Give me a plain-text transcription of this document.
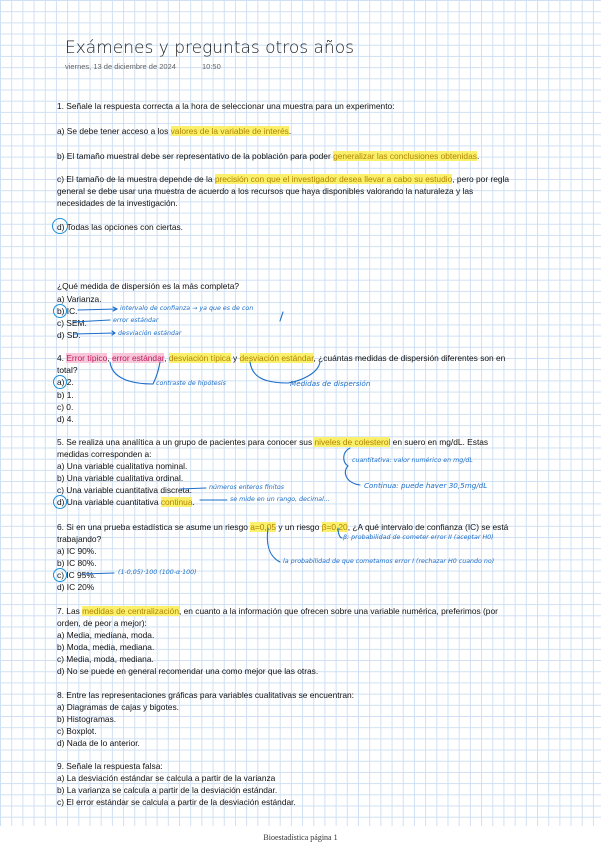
Exámenes y preguntas otros años
viernes, 13 de diciembre de 2024	10:50
1. Señale la respuesta correcta a la hora de seleccionar una muestra para un experimento:
a) Se debe tener acceso a los valores de la variable de interés.
b) El tamaño muestral debe ser representativo de la población para poder generalizar las conclusiones obtenidas.
c) El tamaño de la muestra depende de la precisión con que el investigador desea llevar a cabo su estudio, pero por regla
general se debe usar una muestra de acuerdo a los recursos que haya disponibles valorando la naturaleza y las
necesidades de la investigación.
d) Todas las opciones con ciertas.
¿Qué medida de dispersión es la más completa?
a) Varianza.
b) IC.
c) SEM.
d) SD.
intervalo de confianza → ya que es de con
error estándar
desviación estándar
4. Error típico, error estándar, desviación típica y desviación estándar, ¿cuántas medidas de dispersión diferentes son en
total?
a) 2.
b) 1.
c) 0.
d) 4.
contraste de hipótesis	Medidas de dispersión
5. Se realiza una analítica a un grupo de pacientes para conocer sus niveles de colesterol en suero en mg/dL. Estas
medidas corresponden a:
a) Una variable cualitativa nominal.
b) Una variable cualitativa ordinal.
c) Una variable cuantitativa discreta.
d) Una variable cuantitativa continua.
cuantitativa: valor numérico en mg/dL
Continua: puede haver 30,5mg/dL
números enteros finitos
se mide en un rango, decimal...
6. Si en una prueba estadística se asume un riesgo a=0,05 y un riesgo β=0,20, ¿A qué intervalo de confianza (IC) se está
trabajando?
a) IC 90%.
b) IC 80%.
c) IC 95%.
d) IC 20%
β: probabilidad de cometer error II (aceptar H0)
la probabilidad de que cometamos error I (rechazar H0 cuando no)
(1-0,05)·100 (100-α·100)
7. Las medidas de centralización, en cuanto a la información que ofrecen sobre una variable numérica, preferimos (por
orden, de peor a mejor):
a) Media, mediana, moda.
b) Moda, media, mediana.
c) Media, moda, mediana.
d) No se puede en general recomendar una como mejor que las otras.
8. Entre las representaciones gráficas para variables cualitativas se encuentran:
a) Diagramas de cajas y bigotes.
b) Histogramas.
c) Boxplot.
d) Nada de lo anterior.
9. Señale la respuesta falsa:
a) La desviación estándar se calcula a partir de la varianza
b) La varianza se calcula a partir de la desviación estándar.
c) El error estándar se calcula a partir de la desviación estándar.
Bioestadística página 1
